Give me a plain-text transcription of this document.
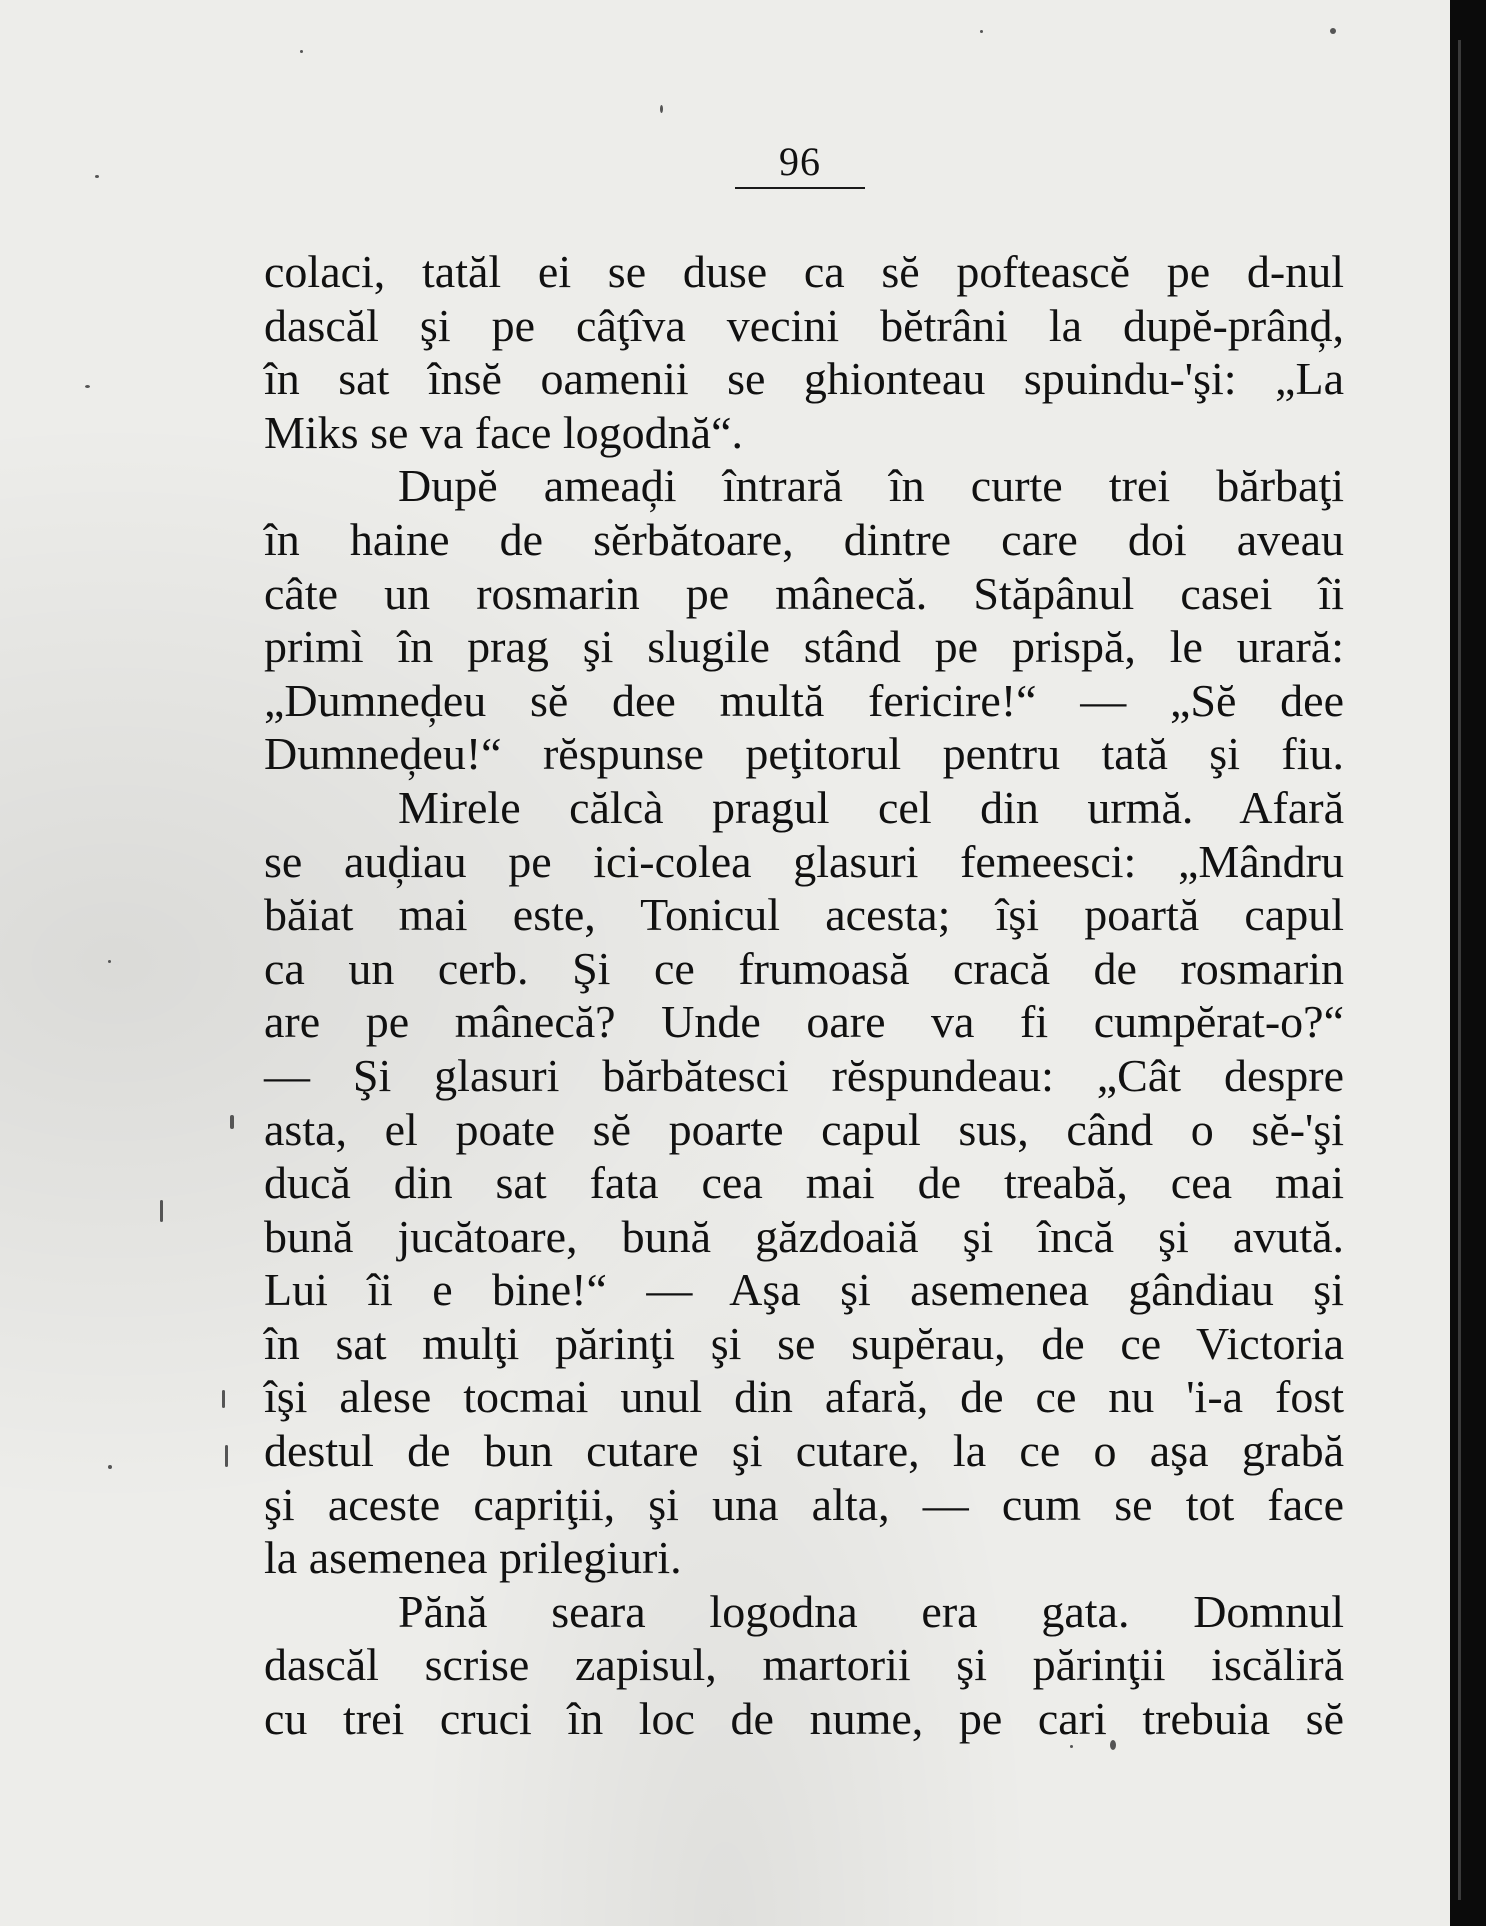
96
colaci, tatăl ei se duse ca sĕ pofteascĕ pe d-nul
dascăl şi pe câţîva vecini bĕtrâni la dupĕ-prânḑ,
în sat însĕ oamenii se ghionteau spuindu-'şi: „La
Miks se va face logodnă“.
Dupĕ ameaḑi întrară în curte trei bărbaţi
în haine de sĕrbătoare, dintre care doi aveau
câte un rosmarin pe mânecă. Stăpânul casei îi
primì în prag şi slugile stând pe prispă, le urară:
„Dumneḑeu sĕ dee multă fericire!“ — „Sĕ dee
Dumneḑeu!“ rĕspunse peţitorul pentru tată şi fiu.
Mirele călcà pragul cel din urmă. Afară
se auḑiau pe ici-colea glasuri femeesci: „Mândru
băiat mai este, Tonicul acesta; îşi poartă capul
ca un cerb. Şi ce frumoasă cracă de rosmarin
are pe mânecă? Unde oare va fi cumpĕrat-o?“
— Şi glasuri bărbătesci rĕspundeau: „Cât despre
asta, el poate sĕ poarte capul sus, când o sĕ-'şi
ducă din sat fata cea mai de treabă, cea mai
bună jucătoare, bună găzdoaiă şi încă şi avută.
Lui îi e bine!“ — Aşa şi asemenea gândiau şi
în sat mulţi părinţi şi se supĕrau, de ce Victoria
îşi alese tocmai unul din afară, de ce nu 'i-a fost
destul de bun cutare şi cutare, la ce o aşa grabă
şi aceste capriţii, şi una alta, — cum se tot face
la asemenea prilegiuri.
Pănă seara logodna era gata. Domnul
dascăl scrise zapisul, martorii şi părinţii iscăliră
cu trei cruci în loc de nume, pe cari trebuia sĕ
